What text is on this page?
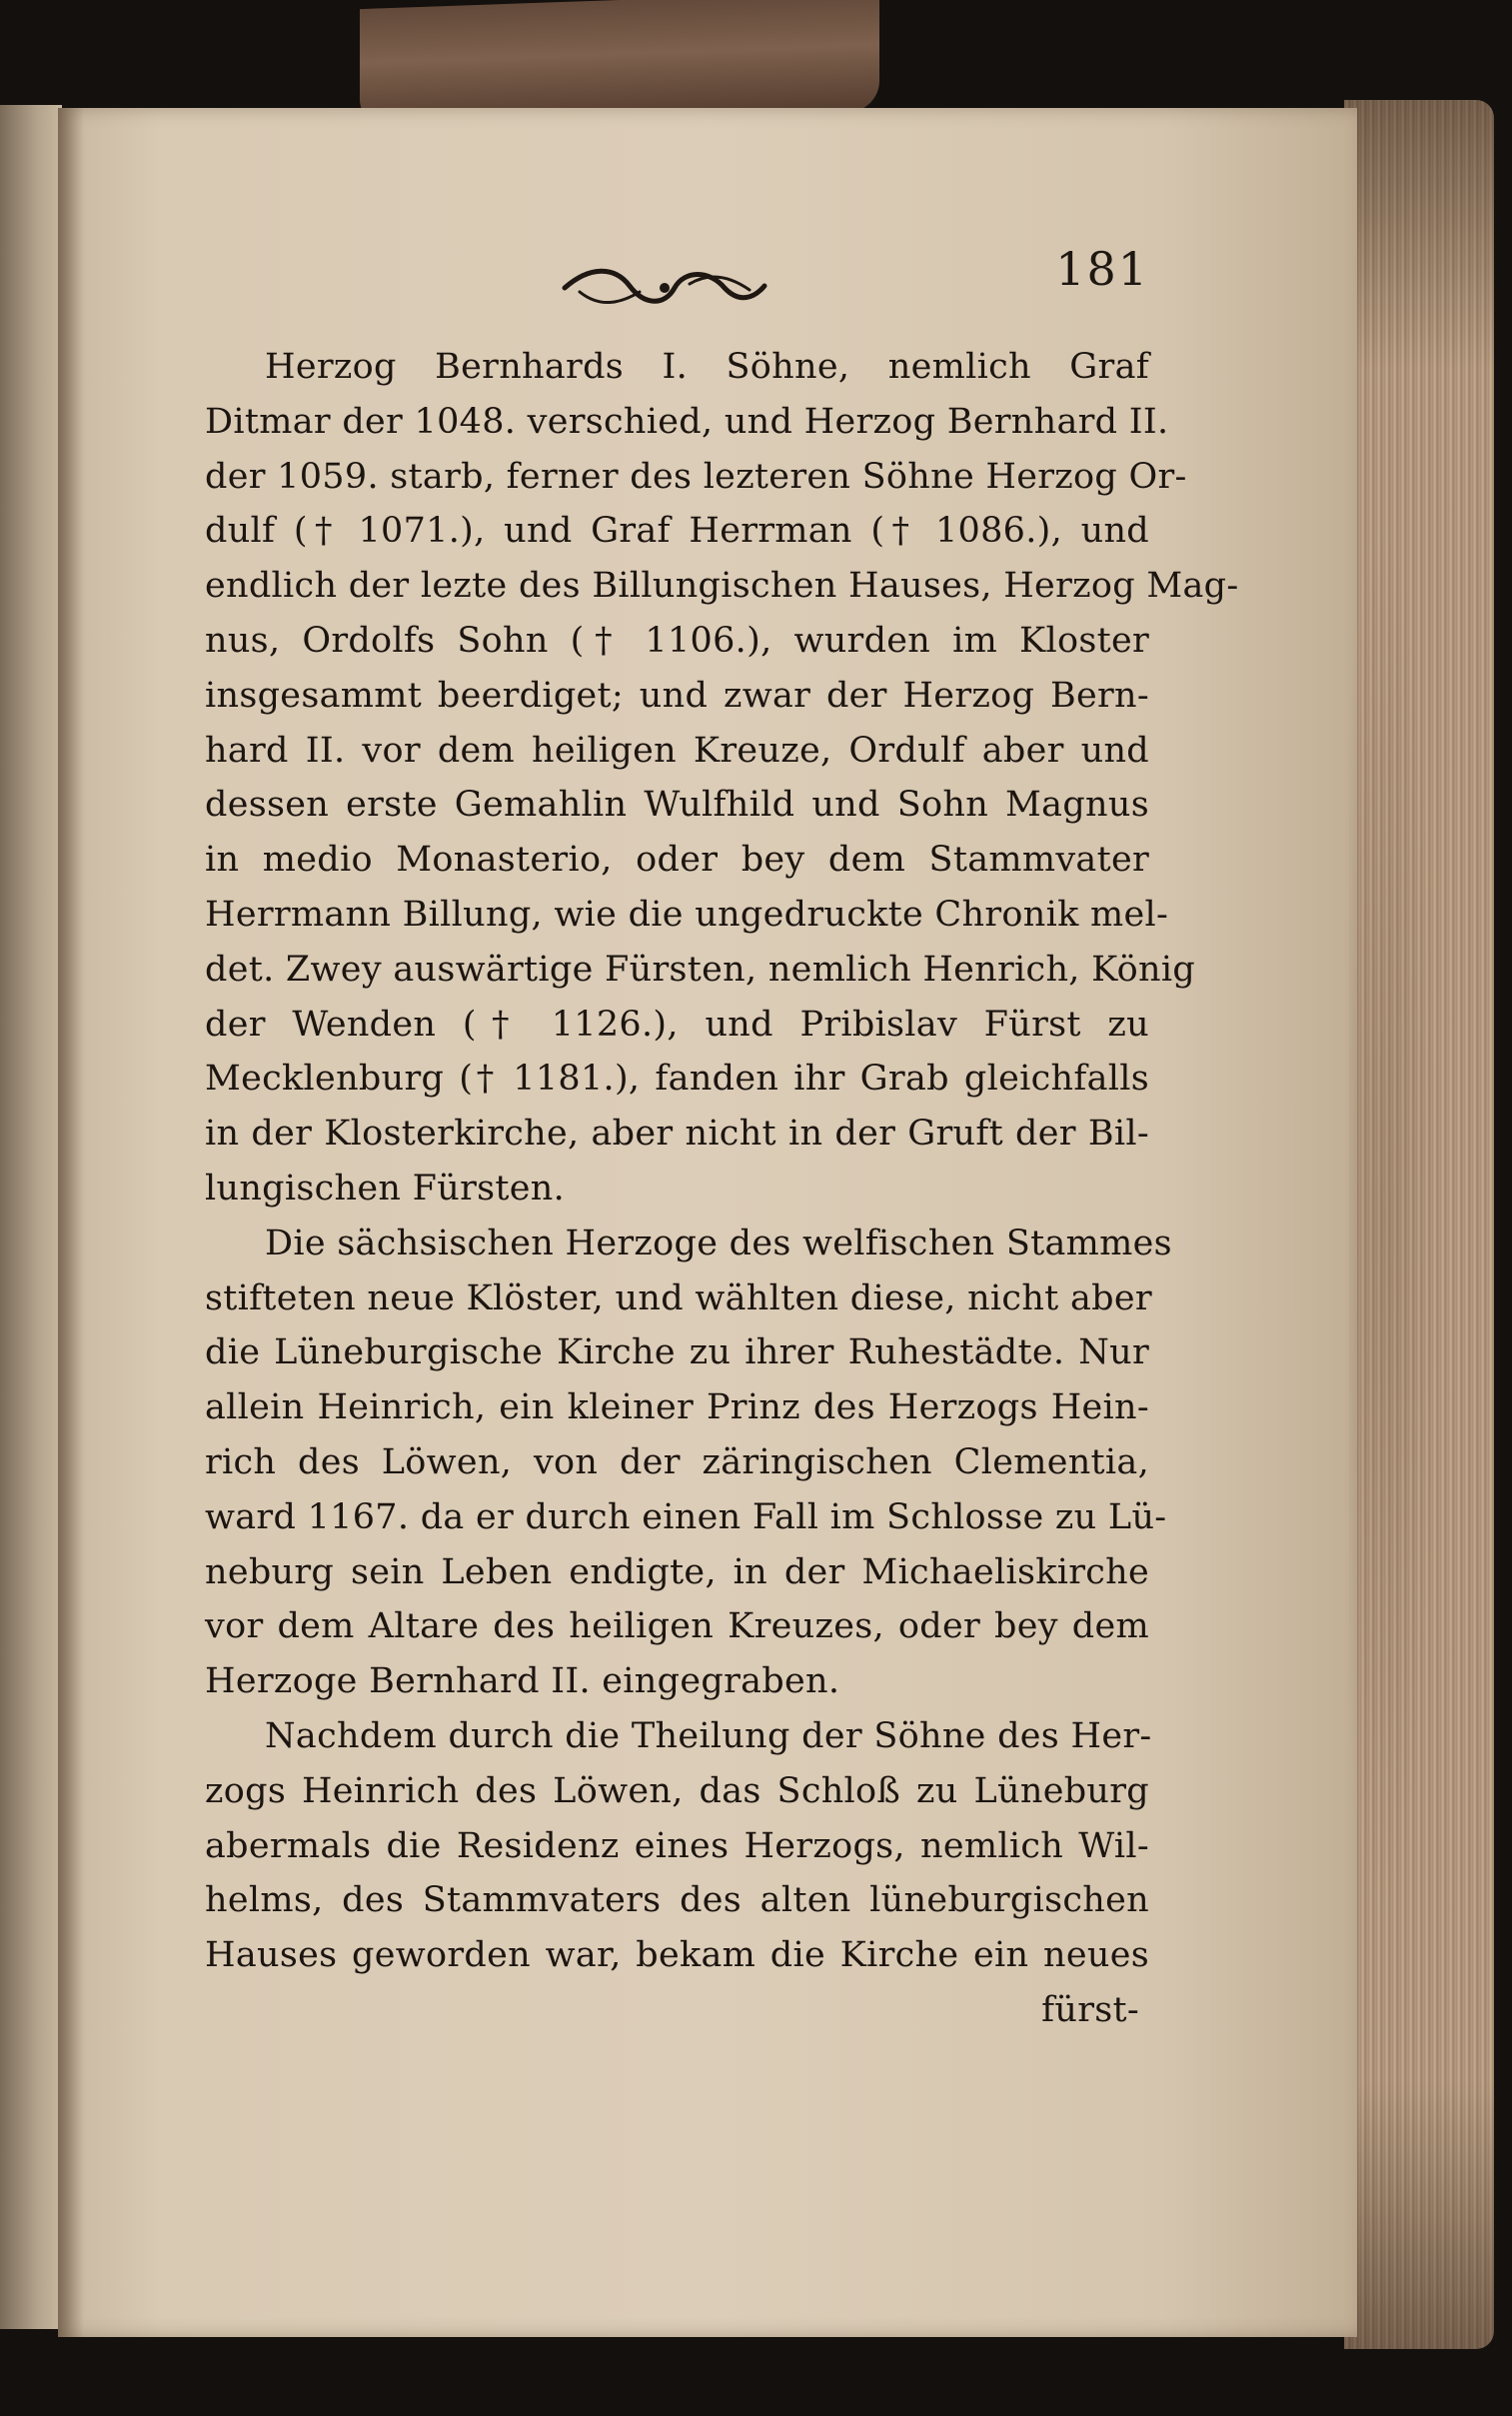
181
Herzog Bernhards I. Söhne, nemlich Graf
Ditmar der 1048. verschied, und Herzog Bernhard II.
der 1059. starb, ferner des lezteren Söhne Herzog Or-
dulf († 1071.), und Graf Herrman († 1086.), und
endlich der lezte des Billungischen Hauses, Herzog Mag-
nus, Ordolfs Sohn († 1106.), wurden im Kloster
insgesammt beerdiget; und zwar der Herzog Bern-
hard II. vor dem heiligen Kreuze, Ordulf aber und
dessen erste Gemahlin Wulfhild und Sohn Magnus
in medio Monasterio, oder bey dem Stammvater
Herrmann Billung, wie die ungedruckte Chronik mel-
det. Zwey auswärtige Fürsten, nemlich Henrich, König
der Wenden († 1126.), und Pribislav Fürst zu
Mecklenburg († 1181.), fanden ihr Grab gleichfalls
in der Klosterkirche, aber nicht in der Gruft der Bil-
lungischen Fürsten.
Die sächsischen Herzoge des welfischen Stammes
stifteten neue Klöster, und wählten diese, nicht aber
die Lüneburgische Kirche zu ihrer Ruhestädte. Nur
allein Heinrich, ein kleiner Prinz des Herzogs Hein-
rich des Löwen, von der zäringischen Clementia,
ward 1167. da er durch einen Fall im Schlosse zu Lü-
neburg sein Leben endigte, in der Michaeliskirche
vor dem Altare des heiligen Kreuzes, oder bey dem
Herzoge Bernhard II. eingegraben.
Nachdem durch die Theilung der Söhne des Her-
zogs Heinrich des Löwen, das Schloß zu Lüneburg
abermals die Residenz eines Herzogs, nemlich Wil-
helms, des Stammvaters des alten lüneburgischen
Hauses geworden war, bekam die Kirche ein neues
fürst-
